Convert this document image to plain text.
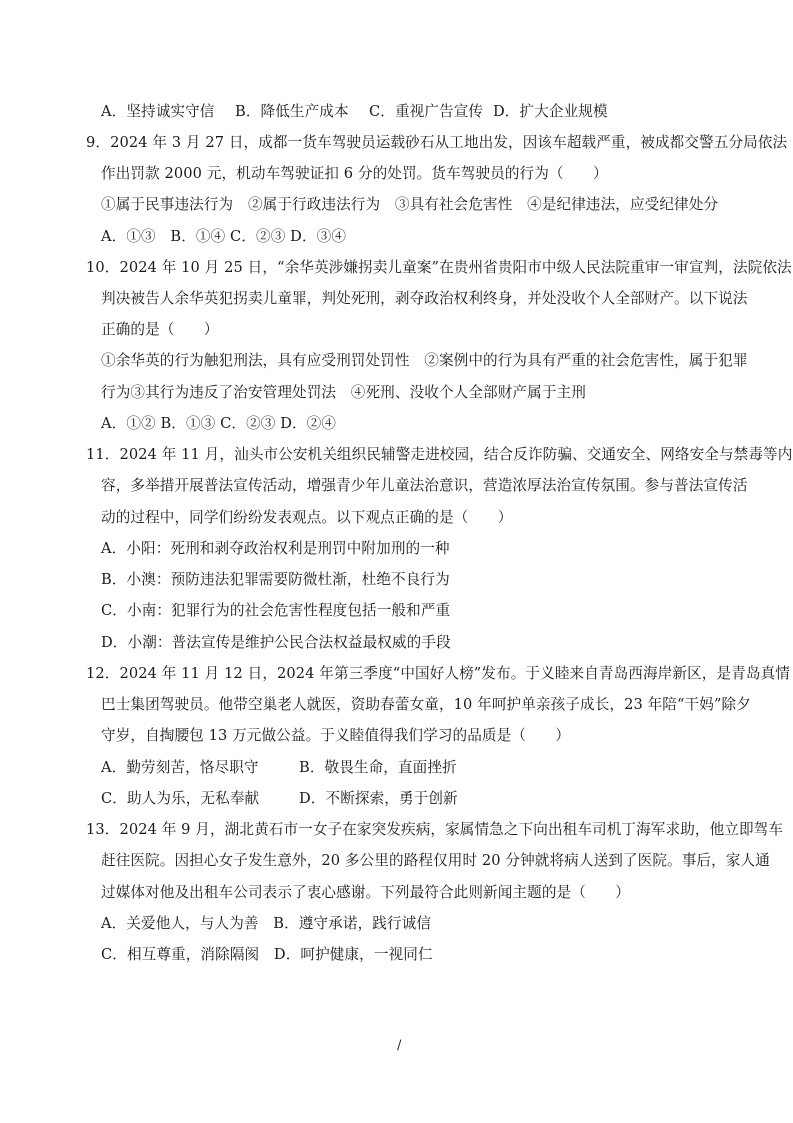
A．坚持诚实守信 B．降低生产成本 C．重视广告宣传 D．扩大企业规模
9．2024 年 3 月 27 日，成都一货车驾驶员运载砂石从工地出发，因该车超载严重，被成都交警五分局依法
作出罚款 2000 元，机动车驾驶证扣 6 分的处罚。货车驾驶员的行为（　　）
①属于民事违法行为　②属于行政违法行为　③具有社会危害性　④是纪律违法，应受纪律处分
A．①③　B．①④ C．②③ D．③④
10．2024 年 10 月 25 日，“余华英涉嫌拐卖儿童案”在贵州省贵阳市中级人民法院重审一审宣判，法院依法
判决被告人余华英犯拐卖儿童罪，判处死刑，剥夺政治权利终身，并处没收个人全部财产。以下说法
正确的是（　　）
①余华英的行为触犯刑法，具有应受刑罚处罚性　②案例中的行为具有严重的社会危害性，属于犯罪
行为③其行为违反了治安管理处罚法　④死刑、没收个人全部财产属于主刑
A．①② B．①③ C．②③ D．②④
11．2024 年 11 月，汕头市公安机关组织民辅警走进校园，结合反诈防骗、交通安全、网络安全与禁毒等内
容，多举措开展普法宣传活动，增强青少年儿童法治意识，营造浓厚法治宣传氛围。参与普法宣传活
动的过程中，同学们纷纷发表观点。以下观点正确的是（　　）
A．小阳：死刑和剥夺政治权利是刑罚中附加刑的一种
B．小澳：预防违法犯罪需要防微杜渐，杜绝不良行为
C．小南：犯罪行为的社会危害性程度包括一般和严重
D．小潮：普法宣传是维护公民合法权益最权威的手段
12．2024 年 11 月 12 日，2024 年第三季度“中国好人榜”发布。于义睦来自青岛西海岸新区，是青岛真情
巴士集团驾驶员。他带空巢老人就医，资助春蕾女童，10 年呵护单亲孩子成长，23 年陪“干妈”除夕
守岁，自掏腰包 13 万元做公益。于义睦值得我们学习的品质是（　　）
A．勤劳刻苦，恪尽职守	B．敬畏生命，直面挫折
C．助人为乐，无私奉献	D．不断探索，勇于创新
13．2024 年 9 月，湖北黄石市一女子在家突发疾病，家属情急之下向出租车司机丁海军求助，他立即驾车
赶往医院。因担心女子发生意外，20 多公里的路程仅用时 20 分钟就将病人送到了医院。事后，家人通
过媒体对他及出租车公司表示了衷心感谢。下列最符合此则新闻主题的是（　　）
A．关爱他人，与人为善　B．遵守承诺，践行诚信
C．相互尊重，消除隔阂　D．呵护健康，一视同仁
/
